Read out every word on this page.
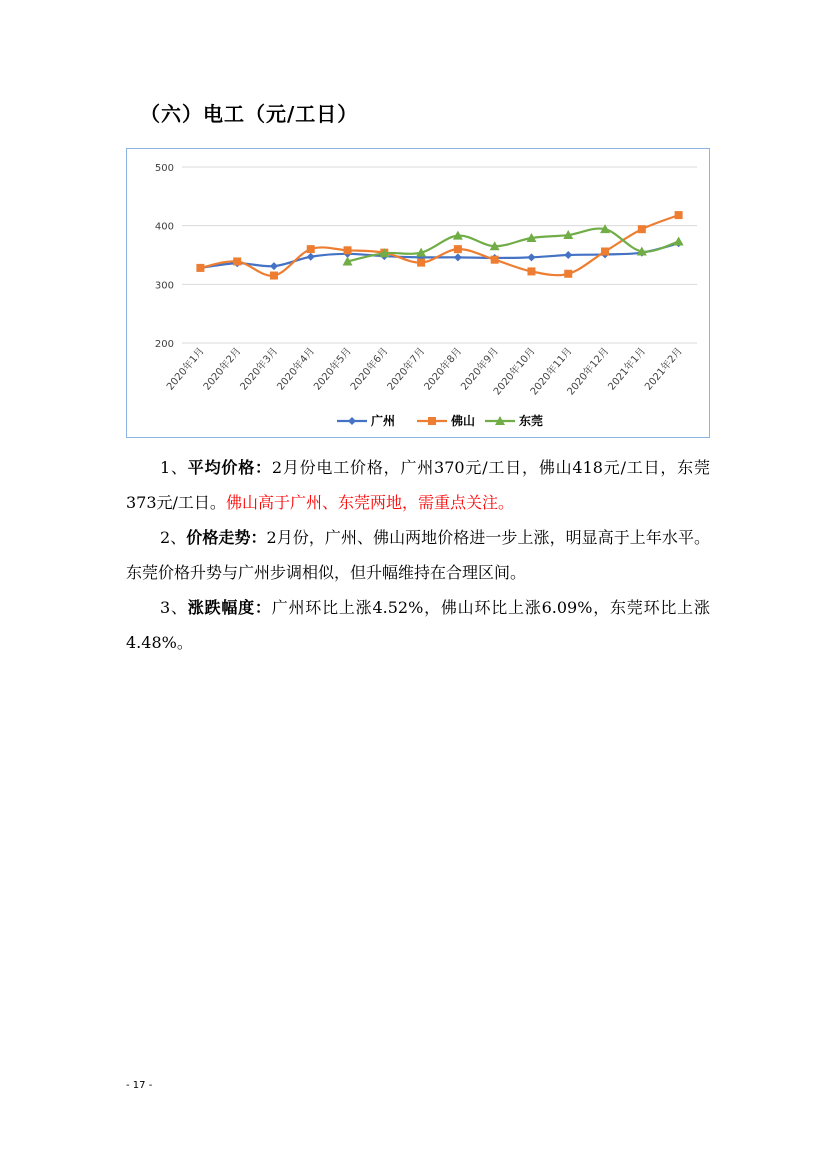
（六）电工（元/工日）
200
300
400
500
2020年1月
2020年2月
2020年3月
2020年4月
2020年5月
2020年6月
2020年7月
2020年8月
2020年9月
2020年10月
2020年11月
2020年12月
2021年1月
2021年2月
广州	佛山	东莞

1、平均价格：2月份电工价格，广州370元/工日，佛山418元/工日，东莞373元/工日。佛山高于广州、东莞两地，需重点关注。

2、价格走势：2月份，广州、佛山两地价格进一步上涨，明显高于上年水平。东莞价格升势与广州步调相似，但升幅维持在合理区间。

3、涨跌幅度：广州环比上涨4.52%，佛山环比上涨6.09%，东莞环比上涨4.48%。

- 17 -
